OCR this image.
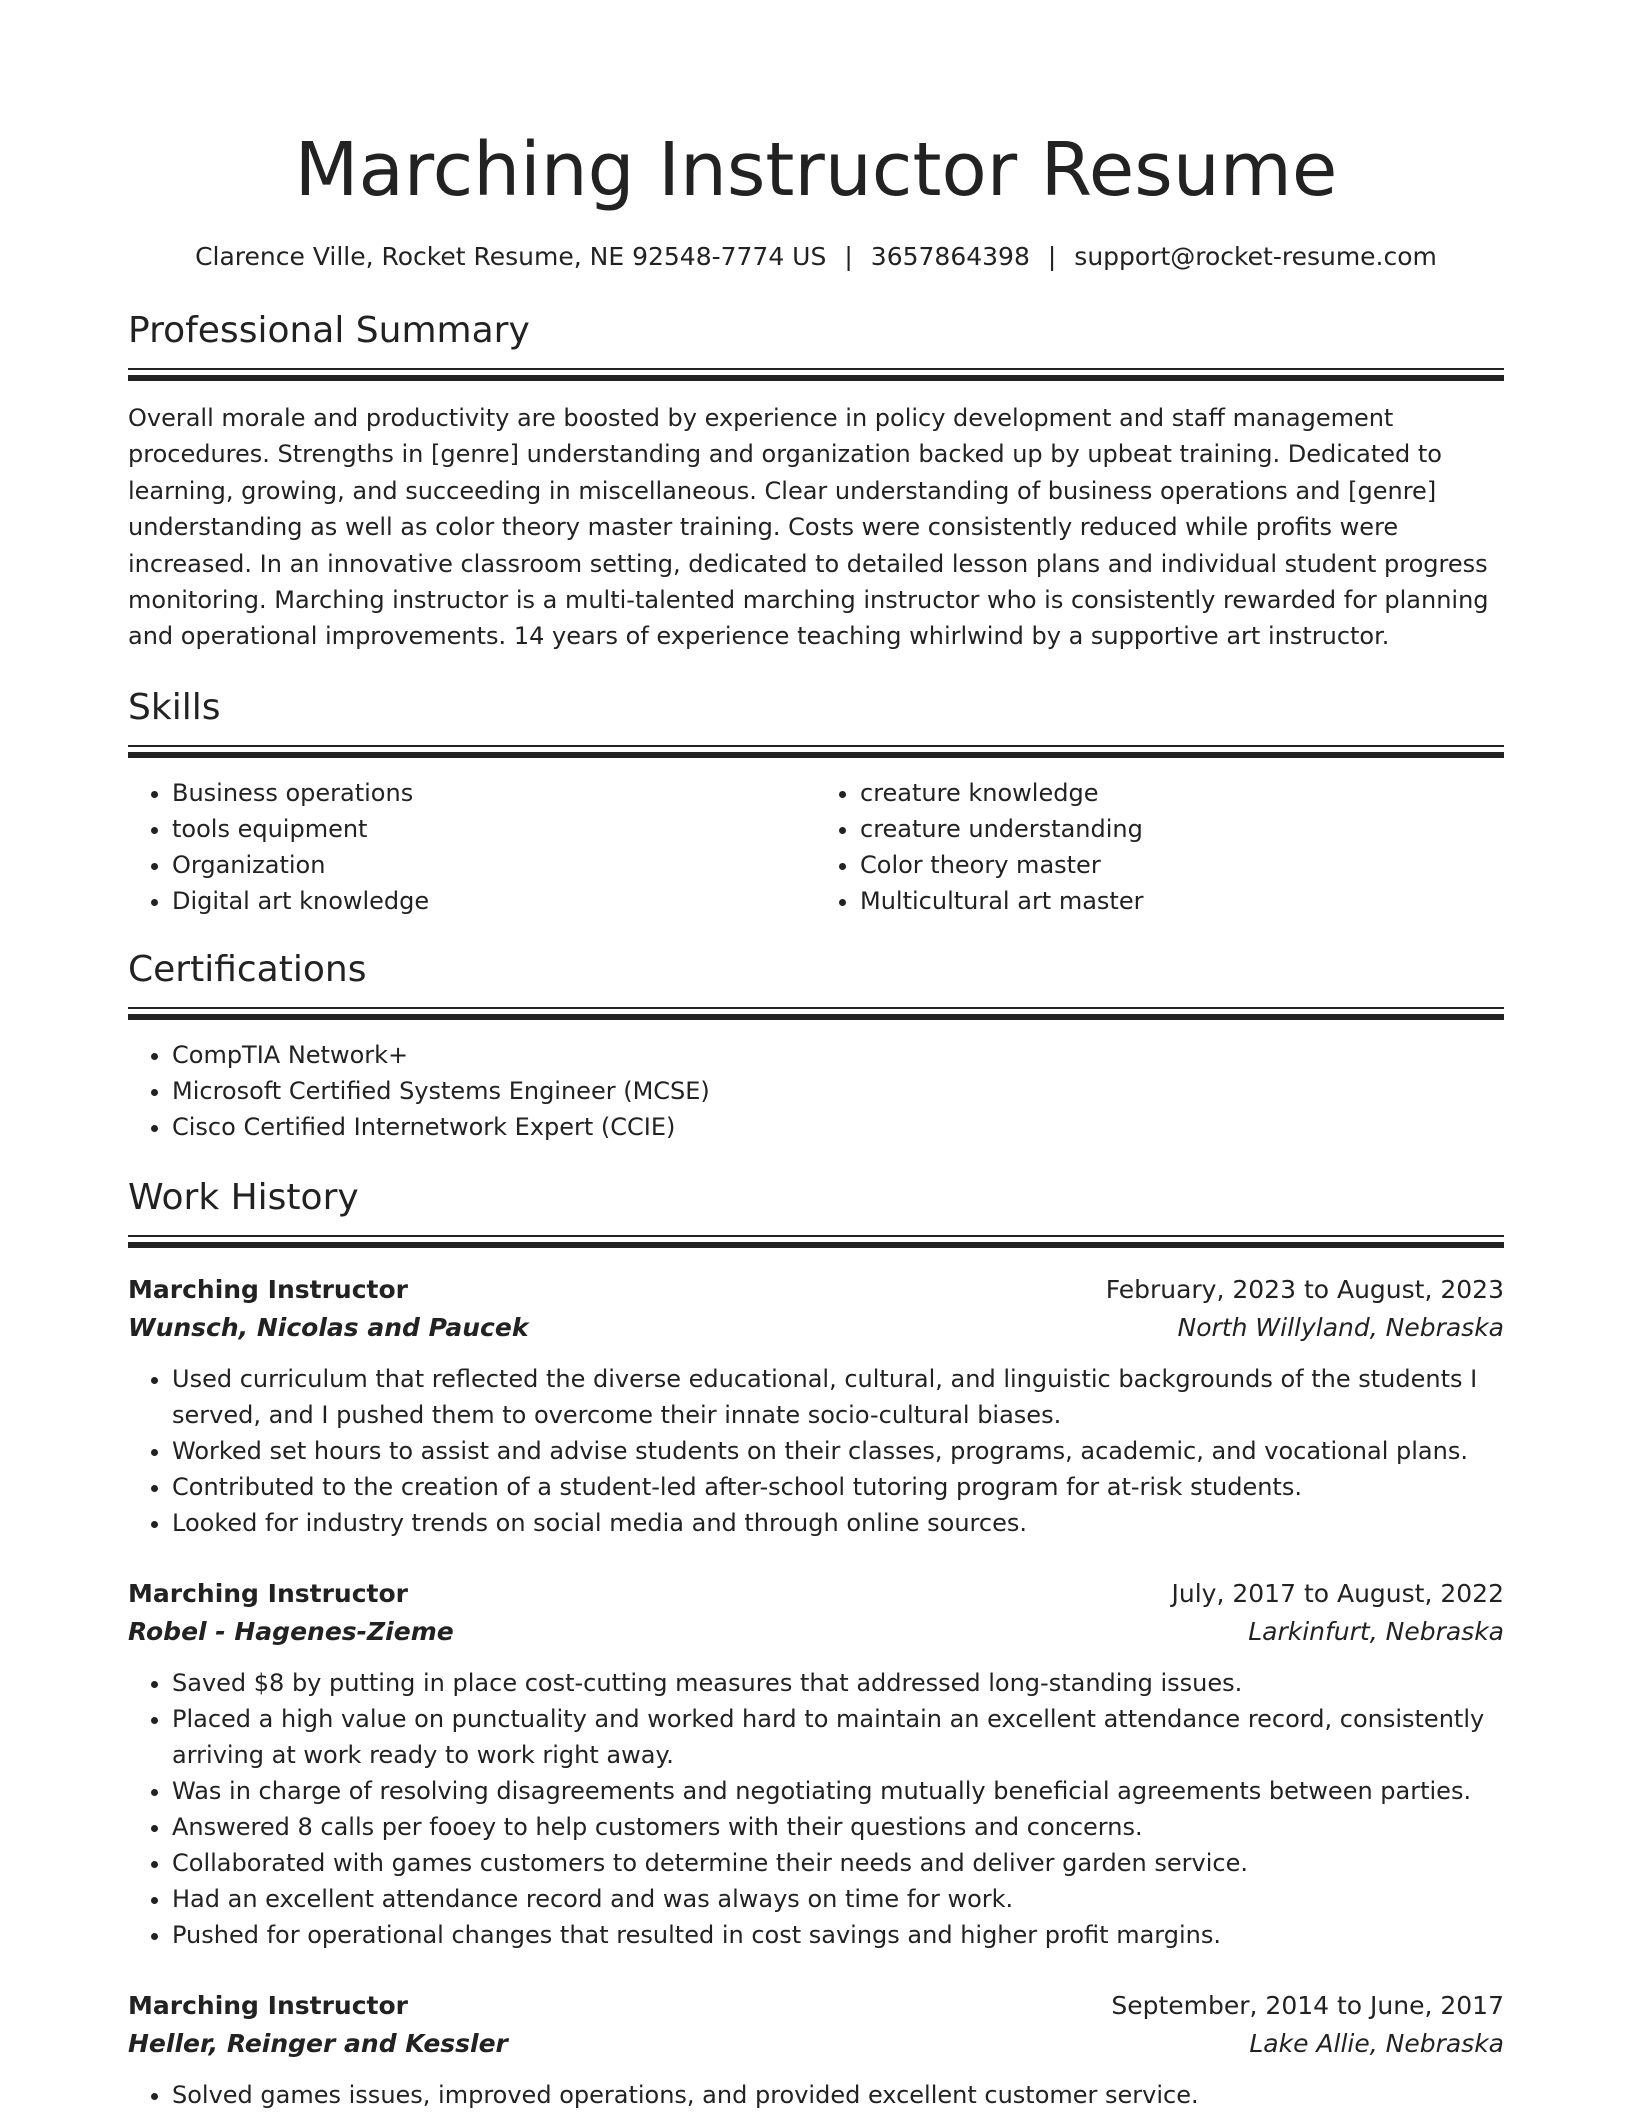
Marching Instructor Resume
Clarence Ville, Rocket Resume, NE 92548-7774 US | 3657864398 | support@rocket-resume.com
Professional Summary

Overall morale and productivity are boosted by experience in policy development and staff management procedures. Strengths in [genre] understanding and organization backed up by upbeat training. Dedicated to learning, growing, and succeeding in miscellaneous. Clear understanding of business operations and [genre] understanding as well as color theory master training. Costs were consistently reduced while profits were increased. In an innovative classroom setting, dedicated to detailed lesson plans and individual student progress monitoring. Marching instructor is a multi-talented marching instructor who is consistently rewarded for planning and operational improvements. 14 years of experience teaching whirlwind by a supportive art instructor.

Skills
• Business operations
• tools equipment
• Organization
• Digital art knowledge
• creature knowledge
• creature understanding
• Color theory master
• Multicultural art master
Certifications
• CompTIA Network+
• Microsoft Certified Systems Engineer (MCSE)
• Cisco Certified Internetwork Expert (CCIE)
Work History
Marching Instructor	February, 2023 to August, 2023
Wunsch, Nicolas and Paucek	North Willyland, Nebraska
• Used curriculum that reflected the diverse educational, cultural, and linguistic backgrounds of the students I served, and I pushed them to overcome their innate socio-cultural biases.
• Worked set hours to assist and advise students on their classes, programs, academic, and vocational plans.
• Contributed to the creation of a student-led after-school tutoring program for at-risk students.
• Looked for industry trends on social media and through online sources.
Marching Instructor	July, 2017 to August, 2022
Robel - Hagenes-Zieme	Larkinfurt, Nebraska
• Saved $8 by putting in place cost-cutting measures that addressed long-standing issues.
• Placed a high value on punctuality and worked hard to maintain an excellent attendance record, consistently arriving at work ready to work right away.
• Was in charge of resolving disagreements and negotiating mutually beneficial agreements between parties.
• Answered 8 calls per fooey to help customers with their questions and concerns.
• Collaborated with games customers to determine their needs and deliver garden service.
• Had an excellent attendance record and was always on time for work.
• Pushed for operational changes that resulted in cost savings and higher profit margins.
Marching Instructor	September, 2014 to June, 2017
Heller, Reinger and Kessler	Lake Allie, Nebraska
• Solved games issues, improved operations, and provided excellent customer service.
